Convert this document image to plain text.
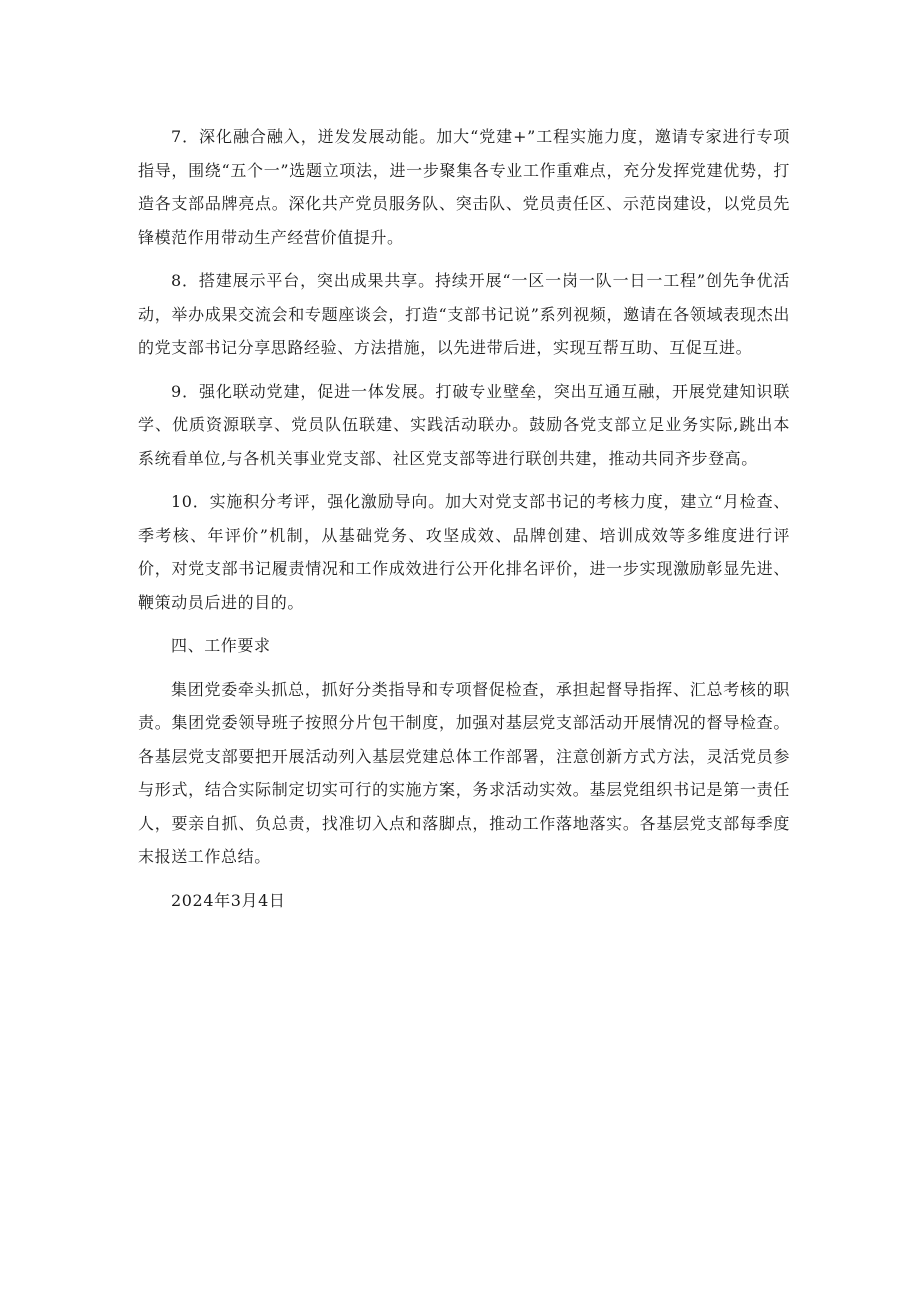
7．深化融合融入，迸发发展动能。加大“党建+”工程实施力度，邀请专家进行专项指导，围绕“五个一”选题立项法，进一步聚集各专业工作重难点，充分发挥党建优势，打造各支部品牌亮点。深化共产党员服务队、突击队、党员责任区、示范岗建设，以党员先锋模范作用带动生产经营价值提升。

8．搭建展示平台，突出成果共享。持续开展“一区一岗一队一日一工程”创先争优活动，举办成果交流会和专题座谈会，打造“支部书记说”系列视频，邀请在各领域表现杰出的党支部书记分享思路经验、方法措施，以先进带后进，实现互帮互助、互促互进。

9．强化联动党建，促进一体发展。打破专业壁垒，突出互通互融，开展党建知识联学、优质资源联享、党员队伍联建、实践活动联办。鼓励各党支部立足业务实际,跳出本系统看单位,与各机关事业党支部、社区党支部等进行联创共建，推动共同齐步登高。

10．实施积分考评，强化激励导向。加大对党支部书记的考核力度，建立“月检查、季考核、年评价”机制，从基础党务、攻坚成效、品牌创建、培训成效等多维度进行评价，对党支部书记履责情况和工作成效进行公开化排名评价，进一步实现激励彰显先进、鞭策动员后进的目的。

四、工作要求

集团党委牵头抓总，抓好分类指导和专项督促检查，承担起督导指挥、汇总考核的职责。集团党委领导班子按照分片包干制度，加强对基层党支部活动开展情况的督导检查。各基层党支部要把开展活动列入基层党建总体工作部署，注意创新方式方法，灵活党员参与形式，结合实际制定切实可行的实施方案，务求活动实效。基层党组织书记是第一责任人，要亲自抓、负总责，找准切入点和落脚点，推动工作落地落实。各基层党支部每季度末报送工作总结。

2024年3月4日
